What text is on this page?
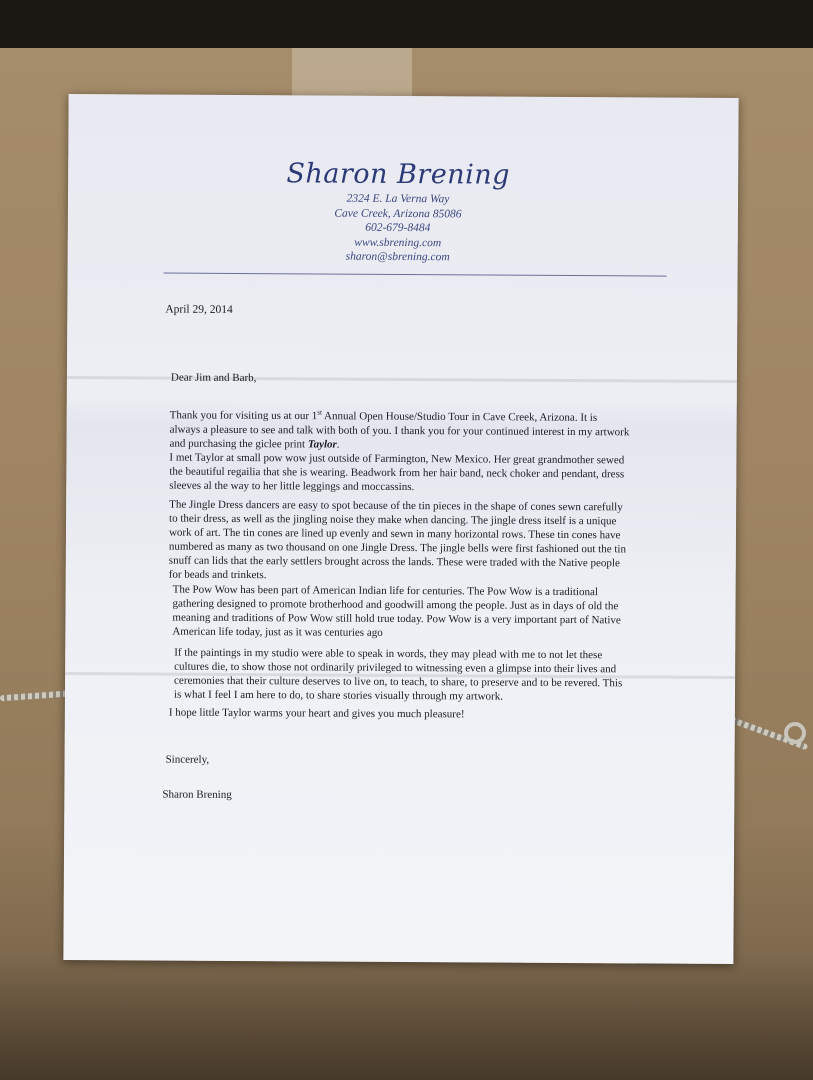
Sharon Brening
2324 E. La Verna Way
Cave Creek, Arizona 85086
602-679-8484
www.sbrening.com
sharon@sbrening.com
April 29, 2014
Dear Jim and Barb,
Thank you for visiting us at our 1st Annual Open House/Studio Tour in Cave Creek, Arizona. It is always a pleasure to see and talk with both of you. I thank you for your continued interest in my artwork and purchasing the giclee print Taylor.
I met Taylor at small pow wow just outside of Farmington, New Mexico. Her great grandmother sewed the beautiful regailia that she is wearing. Beadwork from her hair band, neck choker and pendant, dress sleeves al the way to her little leggings and moccassins.
The Jingle Dress dancers are easy to spot because of the tin pieces in the shape of cones sewn carefully to their dress, as well as the jingling noise they make when dancing. The jingle dress itself is a unique work of art. The tin cones are lined up evenly and sewn in many horizontal rows. These tin cones have numbered as many as two thousand on one Jingle Dress. The jingle bells were first fashioned out the tin snuff can lids that the early settlers brought across the lands. These were traded with the Native people for beads and trinkets.
The Pow Wow has been part of American Indian life for centuries. The Pow Wow is a traditional gathering designed to promote brotherhood and goodwill among the people. Just as in days of old the meaning and traditions of Pow Wow still hold true today. Pow Wow is a very important part of Native American life today, just as it was centuries ago
If the paintings in my studio were able to speak in words, they may plead with me to not let these cultures die, to show those not ordinarily privileged to witnessing even a glimpse into their lives and ceremonies that their culture deserves to live on, to teach, to share, to preserve and to be revered. This is what I feel I am here to do, to share stories visually through my artwork.
I hope little Taylor warms your heart and gives you much pleasure!
Sincerely,
Sharon Brening
